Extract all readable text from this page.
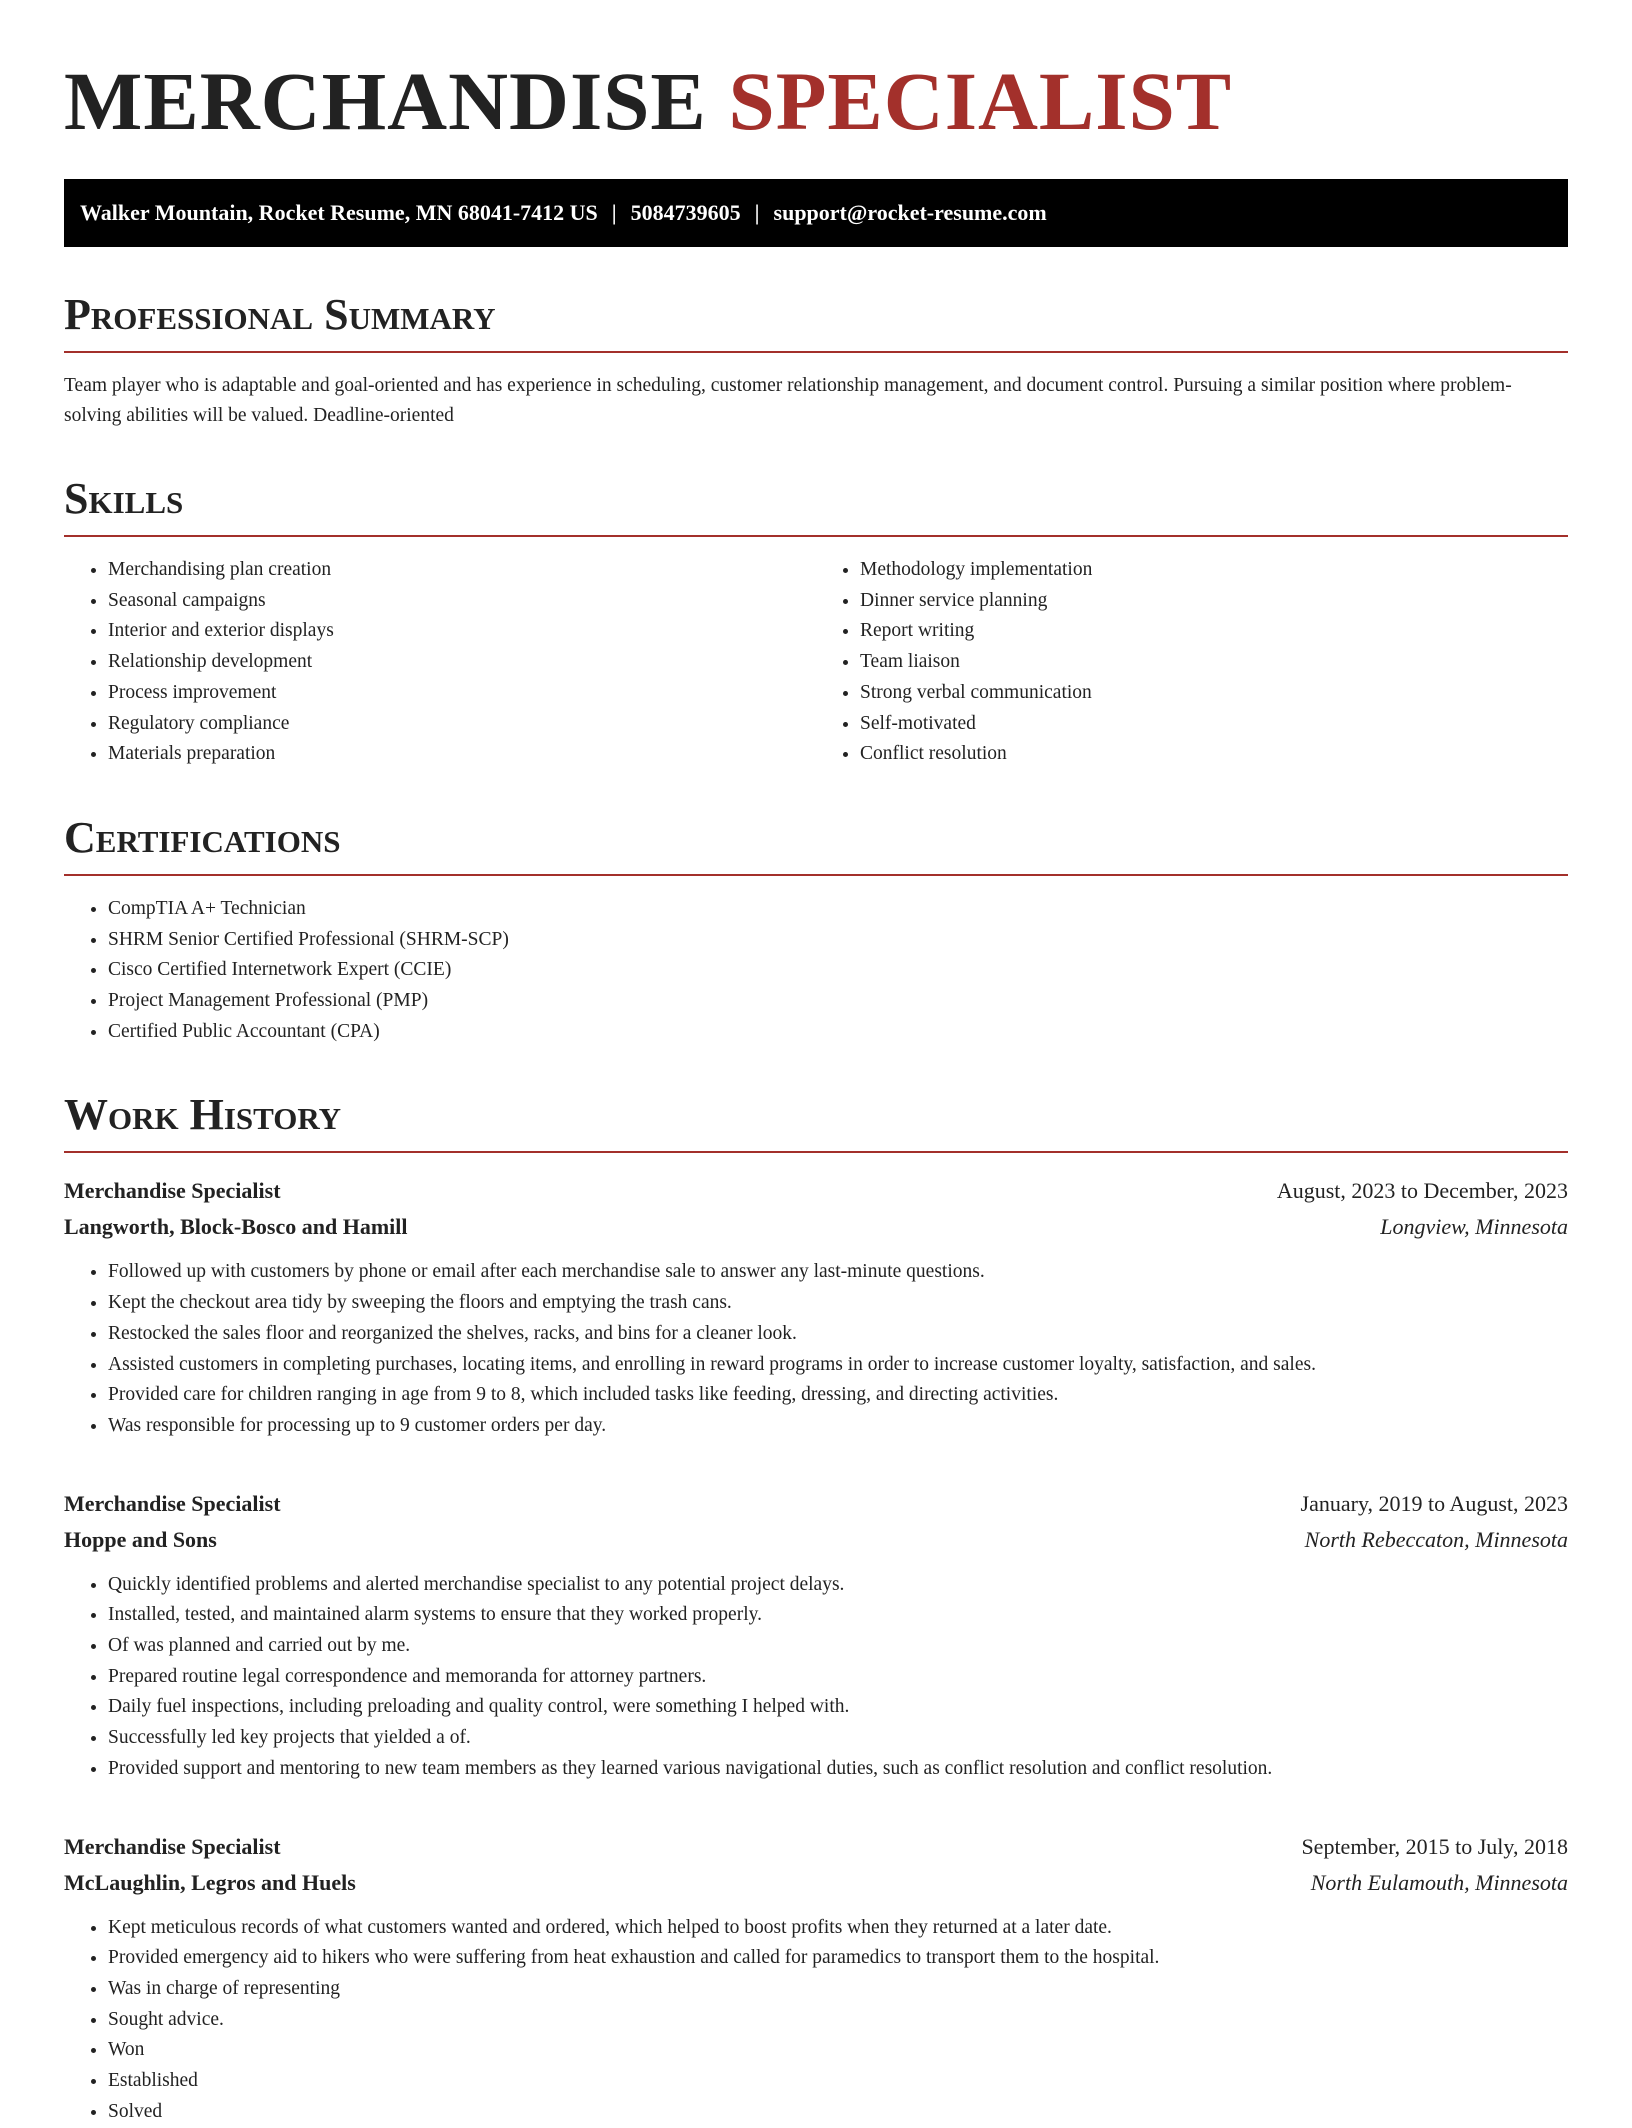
MERCHANDISE SPECIALIST
Walker Mountain, Rocket Resume, MN 68041-7412 US | 5084739605 | support@rocket-resume.com
Professional Summary

Team player who is adaptable and goal-oriented and has experience in scheduling, customer relationship management, and document control. Pursuing a similar position where problem-solving abilities will be valued. Deadline-oriented

Skills
• Merchandising plan creation
• Seasonal campaigns
• Interior and exterior displays
• Relationship development
• Process improvement
• Regulatory compliance
• Materials preparation
• Methodology implementation
• Dinner service planning
• Report writing
• Team liaison
• Strong verbal communication
• Self-motivated
• Conflict resolution
Certifications
• CompTIA A+ Technician
• SHRM Senior Certified Professional (SHRM-SCP)
• Cisco Certified Internetwork Expert (CCIE)
• Project Management Professional (PMP)
• Certified Public Accountant (CPA)
Work History
Merchandise Specialist	August, 2023 to December, 2023
Langworth, Block-Bosco and Hamill	Longview, Minnesota
• Followed up with customers by phone or email after each merchandise sale to answer any last-minute questions.
• Kept the checkout area tidy by sweeping the floors and emptying the trash cans.
• Restocked the sales floor and reorganized the shelves, racks, and bins for a cleaner look.
• Assisted customers in completing purchases, locating items, and enrolling in reward programs in order to increase customer loyalty, satisfaction, and sales.
• Provided care for children ranging in age from 9 to 8, which included tasks like feeding, dressing, and directing activities.
• Was responsible for processing up to 9 customer orders per day.
Merchandise Specialist	January, 2019 to August, 2023
Hoppe and Sons	North Rebeccaton, Minnesota
• Quickly identified problems and alerted merchandise specialist to any potential project delays.
• Installed, tested, and maintained alarm systems to ensure that they worked properly.
• Of was planned and carried out by me.
• Prepared routine legal correspondence and memoranda for attorney partners.
• Daily fuel inspections, including preloading and quality control, were something I helped with.
• Successfully led key projects that yielded a of.
• Provided support and mentoring to new team members as they learned various navigational duties, such as conflict resolution and conflict resolution.
Merchandise Specialist	September, 2015 to July, 2018
McLaughlin, Legros and Huels	North Eulamouth, Minnesota
• Kept meticulous records of what customers wanted and ordered, which helped to boost profits when they returned at a later date.
• Provided emergency aid to hikers who were suffering from heat exhaustion and called for paramedics to transport them to the hospital.
• Was in charge of representing
• Sought advice.
• Won
• Established
• Solved
